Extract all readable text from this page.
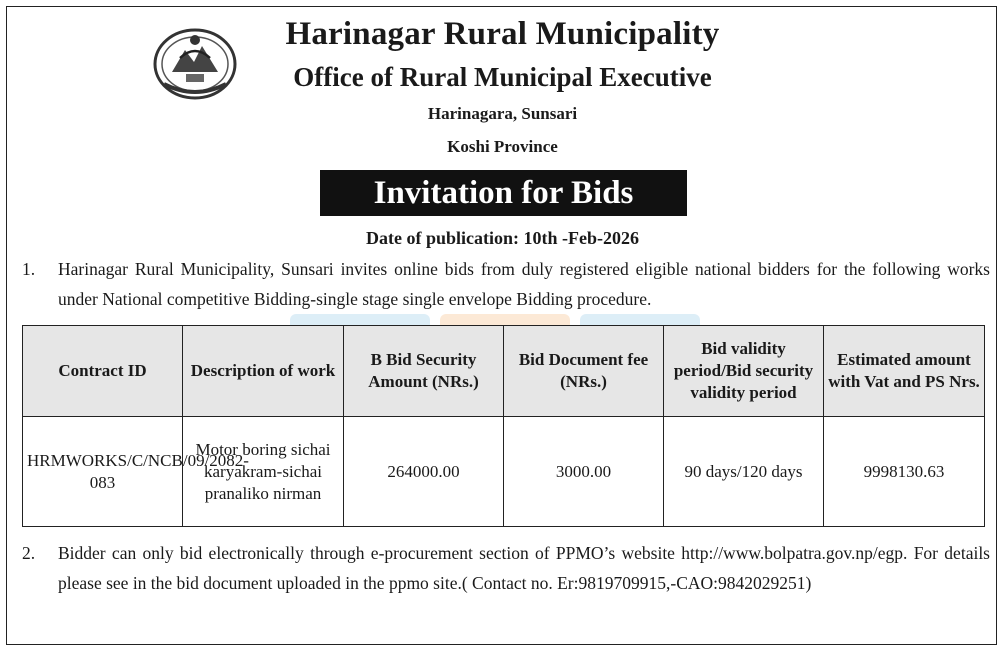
Harinagar Rural Municipality
Office of Rural Municipal Executive
Harinagara, Sunsari
Koshi Province
Invitation for Bids
Date of publication: 10th -Feb-2026
1. Harinagar Rural Municipality, Sunsari invites online bids from duly registered eligible national bidders for the following works under National competitive Bidding-single stage single envelope Bidding procedure.
Contract ID	Description of work	B Bid Security Amount (NRs.)	Bid Document fee (NRs.)	Bid validity period/Bid security validity period	Estimated amount with Vat and PS Nrs.
HRMWORKS/C/NCB/09/2082-083	Motor boring sichai karyakram-sichai pranaliko nirman	264000.00	3000.00	90 days/120 days	9998130.63
2. Bidder can only bid electronically through e-procurement section of PPMO’s website http://www.bolpatra.gov.np/egp. For details please see in the bid document uploaded in the ppmo site.( Contact no. Er:9819709915,-CAO:9842029251)
